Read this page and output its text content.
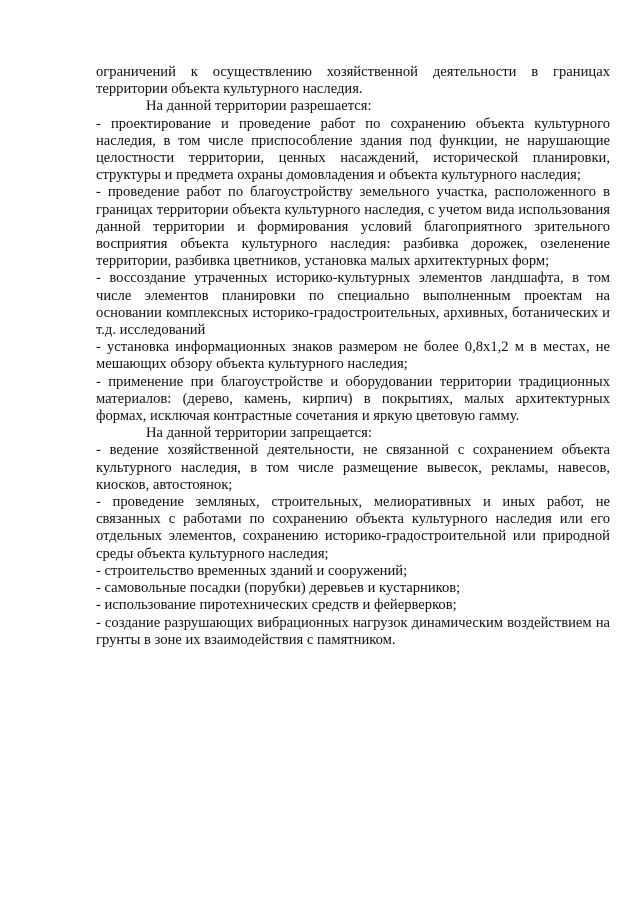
ограничений к осуществлению хозяйственной деятельности в границах территории объекта культурного наследия.

На данной территории разрешается:

- проектирование и проведение работ по сохранению объекта культурного наследия, в том числе приспособление здания под функции, не нарушающие целостности территории, ценных насаждений, исторической планировки, структуры и предмета охраны домовладения и объекта культурного наследия;

- проведение работ по благоустройству земельного участка, расположенного в границах территории объекта культурного наследия, с учетом вида использования данной территории и формирования условий благоприятного зрительного восприятия объекта культурного наследия: разбивка дорожек, озеленение территории, разбивка цветников, установка малых архитектурных форм;

- воссоздание утраченных историко-культурных элементов ландшафта, в том числе элементов планировки по специально выполненным проектам на основании комплексных историко-градостроительных, архивных, ботанических и т.д. исследований

- установка информационных знаков размером не более 0,8х1,2 м в местах, не мешающих обзору объекта культурного наследия;

- применение при благоустройстве и оборудовании территории традиционных материалов: (дерево, камень, кирпич) в покрытиях, малых архитектурных формах, исключая контрастные сочетания и яркую цветовую гамму.

На данной территории запрещается:

- ведение хозяйственной деятельности, не связанной с сохранением объекта культурного наследия, в том числе размещение вывесок, рекламы, навесов, киосков, автостоянок;

- проведение земляных, строительных, мелиоративных и иных работ, не связанных с работами по сохранению объекта культурного наследия или его отдельных элементов, сохранению историко-градостроительной или природной среды объекта культурного наследия;

- строительство временных зданий и сооружений;

- самовольные посадки (порубки) деревьев и кустарников;

- использование пиротехнических средств и фейерверков;

- создание разрушающих вибрационных нагрузок динамическим воздействием на грунты в зоне их взаимодействия с памятником.
